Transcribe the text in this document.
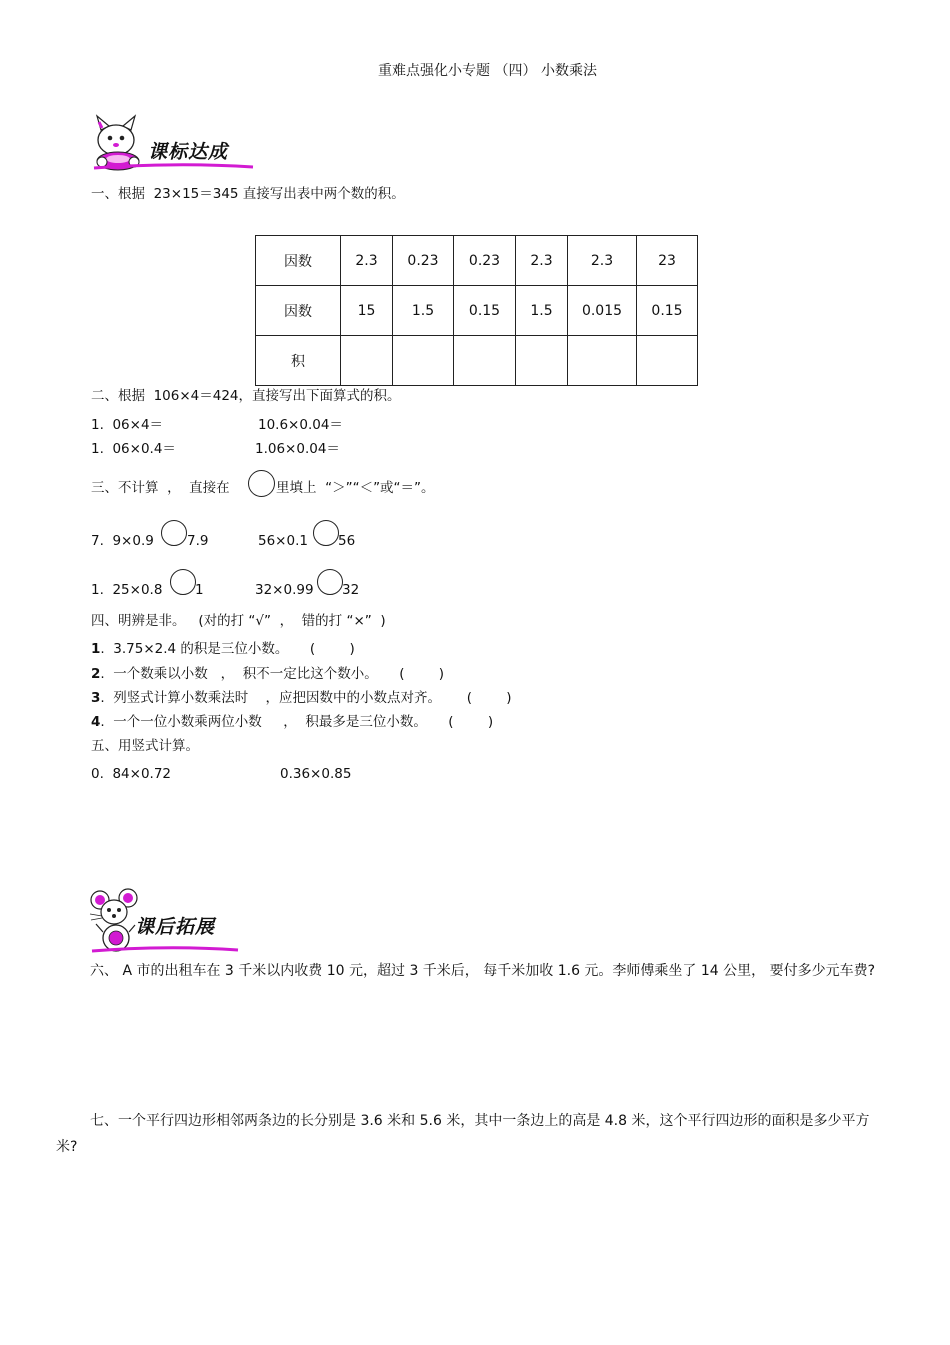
重难点强化小专题 （四） 小数乘法
课标达成
一、根据  23×15＝345 直接写出表中两个数的积。
因数	2.3	0.23	0.23	2.3	2.3	23
因数	15	1.5	0.15	1.5	0.015	0.15
积						
二、根据  106×4＝424，直接写出下面算式的积。
1.  06×4＝	10.6×0.04＝
1.  06×0.4＝	1.06×0.04＝
三、不计算  ，  直接在	里填上  “＞”“＜”或“＝”。
7.  9×0.9 7.9	56×0.1 56
1.  25×0.8 1	32×0.99 32
四、明辨是非。   (对的打 “√”  ，  错的打 “×”  )
1.  3.75×2.4 的积是三位小数。     (        )
2.  一个数乘以小数   ，  积不一定比这个数小。     (        )
3.  列竖式计算小数乘法时    ，应把因数中的小数点对齐。      (        )
4.  一个一位小数乘两位小数     ，  积最多是三位小数。     (        )
五、用竖式计算。
0.  84×0.72	0.36×0.85
课后拓展
六、 A 市的出租车在 3 千米以内收费 10 元，超过 3 千米后， 每千米加收 1.6 元。李师傅乘坐了 14 公里， 要付多少元车费?
七、一个平行四边形相邻两条边的长分别是 3.6 米和 5.6 米，其中一条边上的高是 4.8 米，这个平行四边形的面积是多少平方米?
